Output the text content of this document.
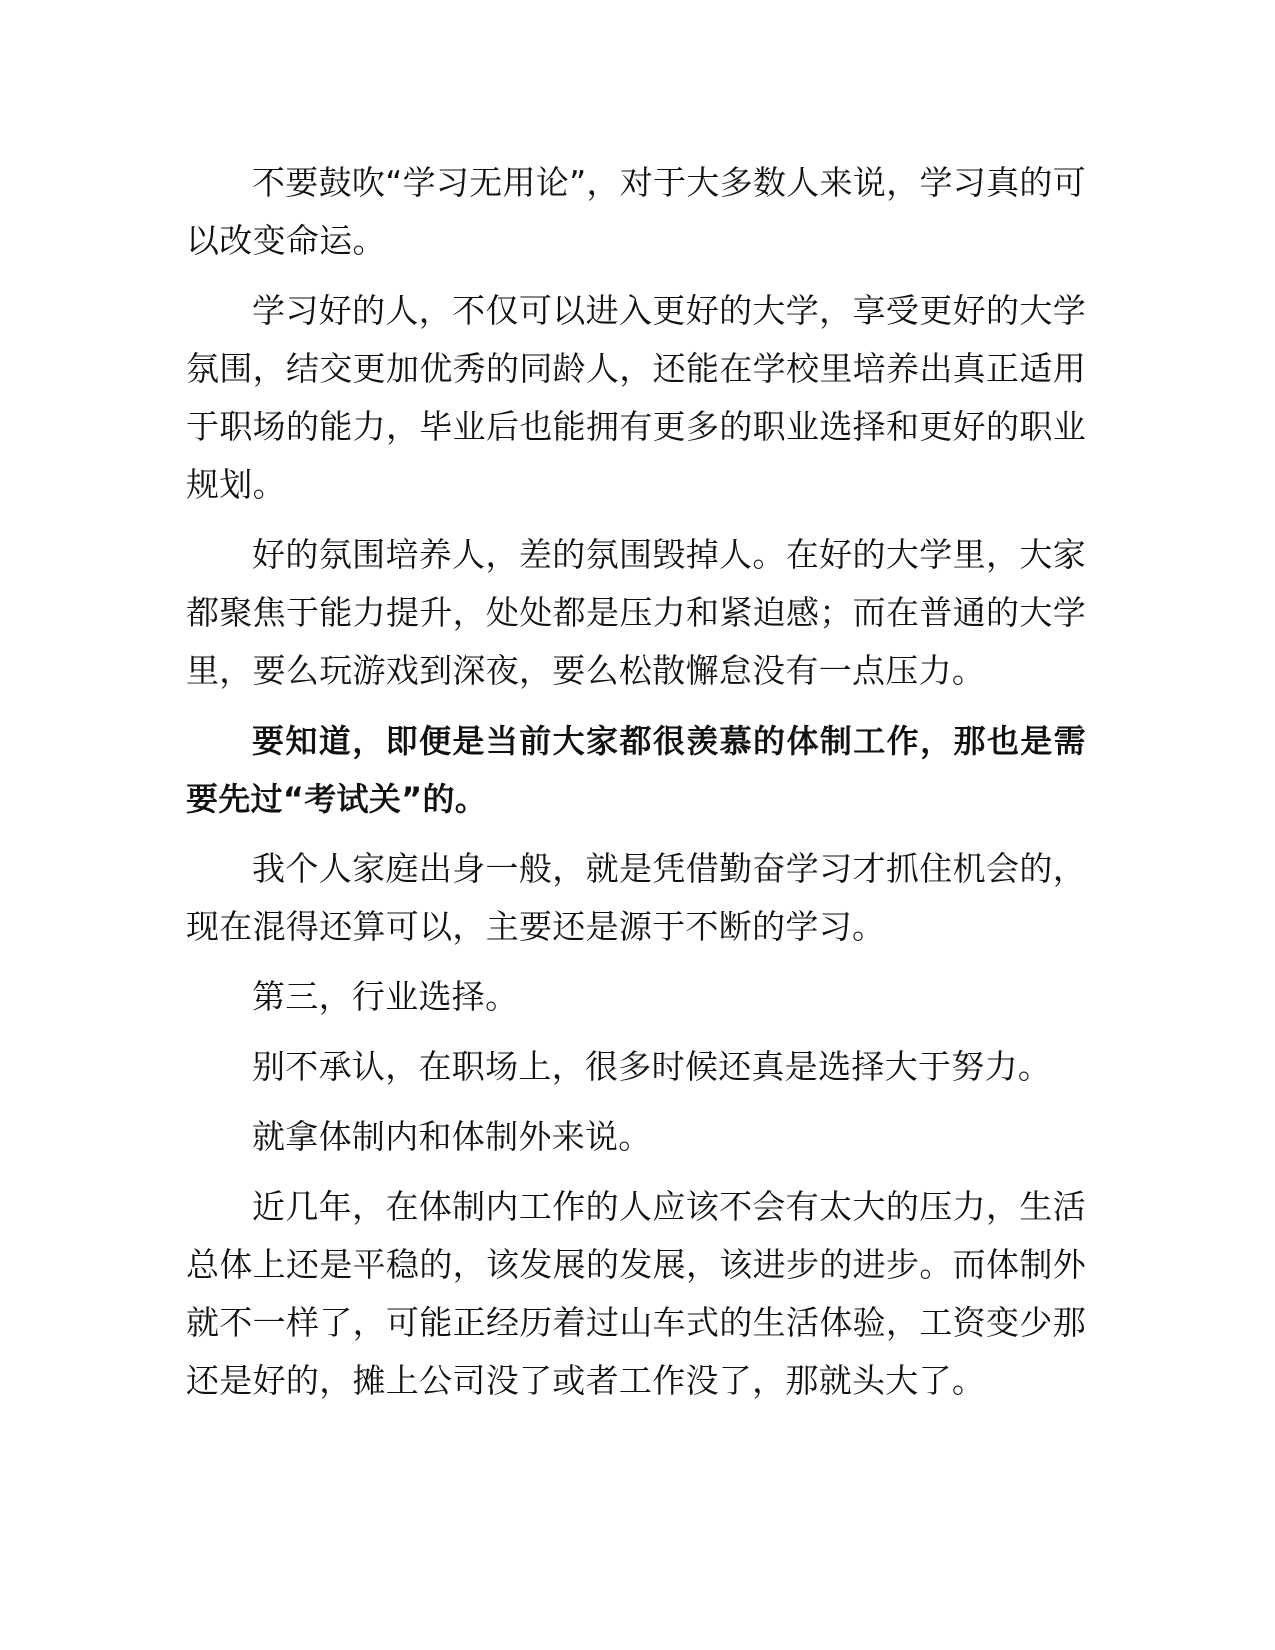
不要鼓吹“学习无用论”，对于大多数人来说，学习真的可以改变命运。

学习好的人，不仅可以进入更好的大学，享受更好的大学氛围，结交更加优秀的同龄人，还能在学校里培养出真正适用于职场的能力，毕业后也能拥有更多的职业选择和更好的职业规划。

好的氛围培养人，差的氛围毁掉人。在好的大学里，大家都聚焦于能力提升，处处都是压力和紧迫感；而在普通的大学里，要么玩游戏到深夜，要么松散懈怠没有一点压力。

要知道，即便是当前大家都很羡慕的体制工作，那也是需要先过“考试关”的。

我个人家庭出身一般，就是凭借勤奋学习才抓住机会的，现在混得还算可以，主要还是源于不断的学习。

第三，行业选择。

别不承认，在职场上，很多时候还真是选择大于努力。

就拿体制内和体制外来说。

近几年，在体制内工作的人应该不会有太大的压力，生活总体上还是平稳的，该发展的发展，该进步的进步。而体制外就不一样了，可能正经历着过山车式的生活体验，工资变少那还是好的，摊上公司没了或者工作没了，那就头大了。
